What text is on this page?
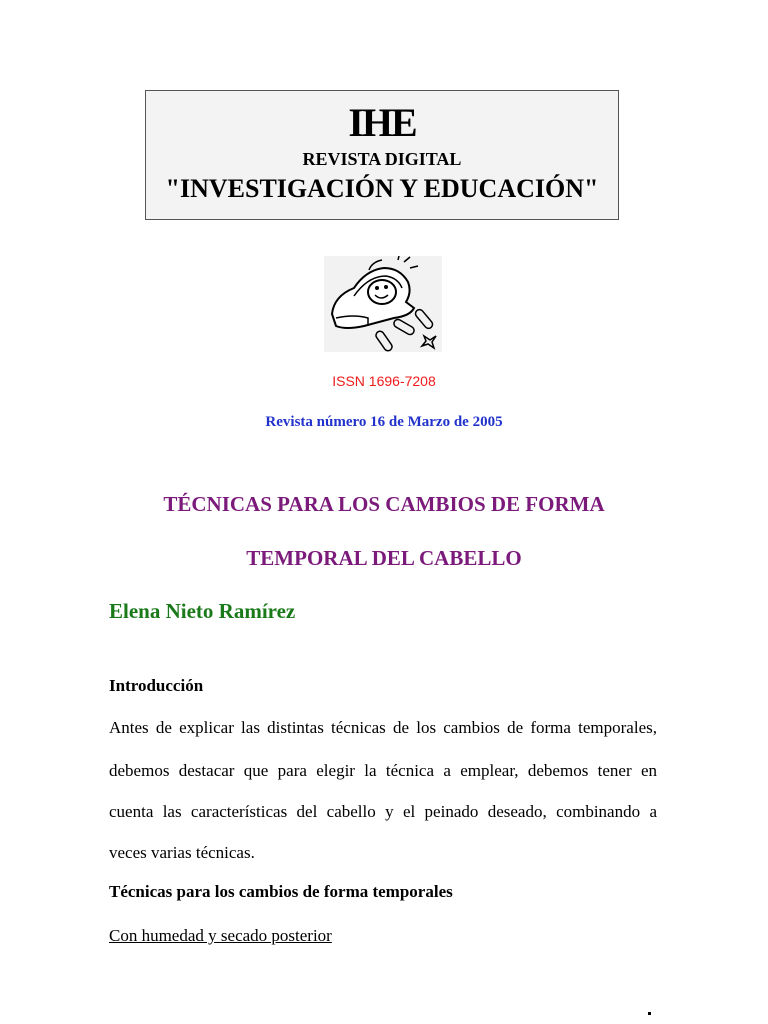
IHE
REVISTA DIGITAL
"INVESTIGACIÓN Y EDUCACIÓN"
ISSN 1696-7208
Revista número 16 de Marzo de 2005
TÉCNICAS PARA LOS CAMBIOS DE FORMA
TEMPORAL DEL CABELLO
Elena Nieto Ramírez
Introducción
Antes de explicar las distintas técnicas de los cambios de forma temporales,
debemos destacar que para elegir la técnica a emplear, debemos tener en
cuenta las características del cabello y el peinado deseado, combinando a
veces varias técnicas.
Técnicas para los cambios de forma temporales
Con humedad y secado posterior
